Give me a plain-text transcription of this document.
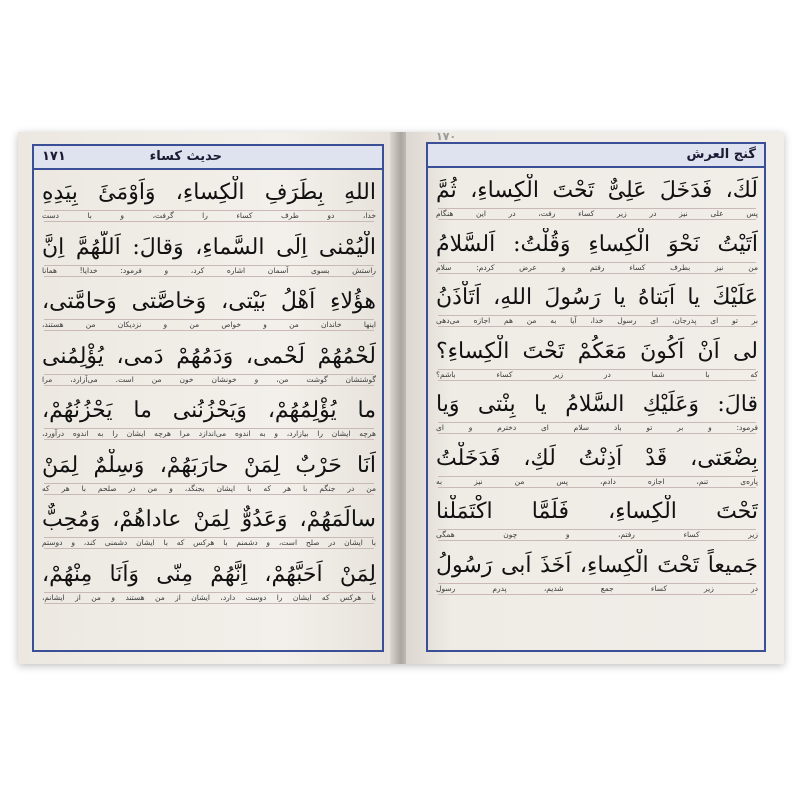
حدیث کساء
۱۷۱
اللهِ بِطَرَفِ الْكِساءِ، وَاَوْمَئَ بِیَدِهِ
خدا، دو طرف کساء را گرفت، و با دست
الْیُمْنی اِلَی السَّماءِ، وَقالَ: اَللّهُمَّ اِنَّ
راستش بسوی آسمان اشاره کرد، و فرمود: خدایا! همانا
هؤُلاءِ اَهْلُ بَیْتی، وَخاصَّتی وَحامَّتی،
اینها خاندان من و خواص من و نزدیکان من هستند،
لَحْمُهُمْ لَحْمی، وَدَمُهُمْ دَمی، یُؤْلِمُنی
گوشتشان گوشت من، و خونشان خون من است. می‌آزارد، مرا
ما یُؤْلِمُهُمْ، وَیَحْزُنُنی ما یَحْزُنُهُمْ،
هرچه ایشان را بیازارد، و به اندوه می‌اندازد مرا هرچه ایشان را به اندوه درآورد،
اَنَا حَرْبٌ لِمَنْ حارَبَهُمْ، وَسِلْمٌ لِمَنْ
من در جنگم با هر که با ایشان بجنگد، و من در صلحم با هر که
سالَمَهُمْ، وَعَدُوٌّ لِمَنْ عاداهُمْ، وَمُحِبٌّ
با ایشان در صلح است، و دشمنم با هرکس که با ایشان دشمنی کند، و دوستم
لِمَنْ اَحَبَّهُمْ، اِنَّهُمْ مِنّی وَاَنَا مِنْهُمْ،
با هرکس که ایشان را دوست دارد، ایشان از من هستند و من از ایشانم،
گنج العرش
۱۷۰
لَكَ، فَدَخَلَ عَلِیٌّ تَحْتَ الْكِساءِ، ثُمَّ
پس علی نیز در زیر کساء رفت، در این هنگام
اَتَیْتُ نَحْوَ الْكِساءِ وَقُلْتُ: اَلسَّلامُ
من نیز بطرف کساء رفتم و عرض کردم: سلام
عَلَیْكَ یا اَبَتاهُ یا رَسُولَ اللهِ، اَتَاْذَنُ
بر تو ای پدرجان، ای رسول خدا، آیا به من هم اجازه می‌دهی
لی اَنْ اَكُونَ مَعَكُمْ تَحْتَ الْكِساءِ؟
که با شما در زیر کساء باشم؟
قالَ: وَعَلَیْكِ السَّلامُ یا بِنْتی وَیا
فرمود: و بر تو باد سلام ای دخترم و ای
بِضْعَتی، قَدْ اَذِنْتُ لَكِ، فَدَخَلْتُ
پاره‌ی تنم، اجازه دادم، پس من نیز به
تَحْتَ الْكِساءِ، فَلَمَّا اكْتَمَلْنا
زیر کساء رفتم، و چون همگی
جَمیعاً تَحْتَ الْكِساءِ، اَخَذَ اَبی رَسُولُ
در زیر کساء جمع شدیم، پدرم رسول
